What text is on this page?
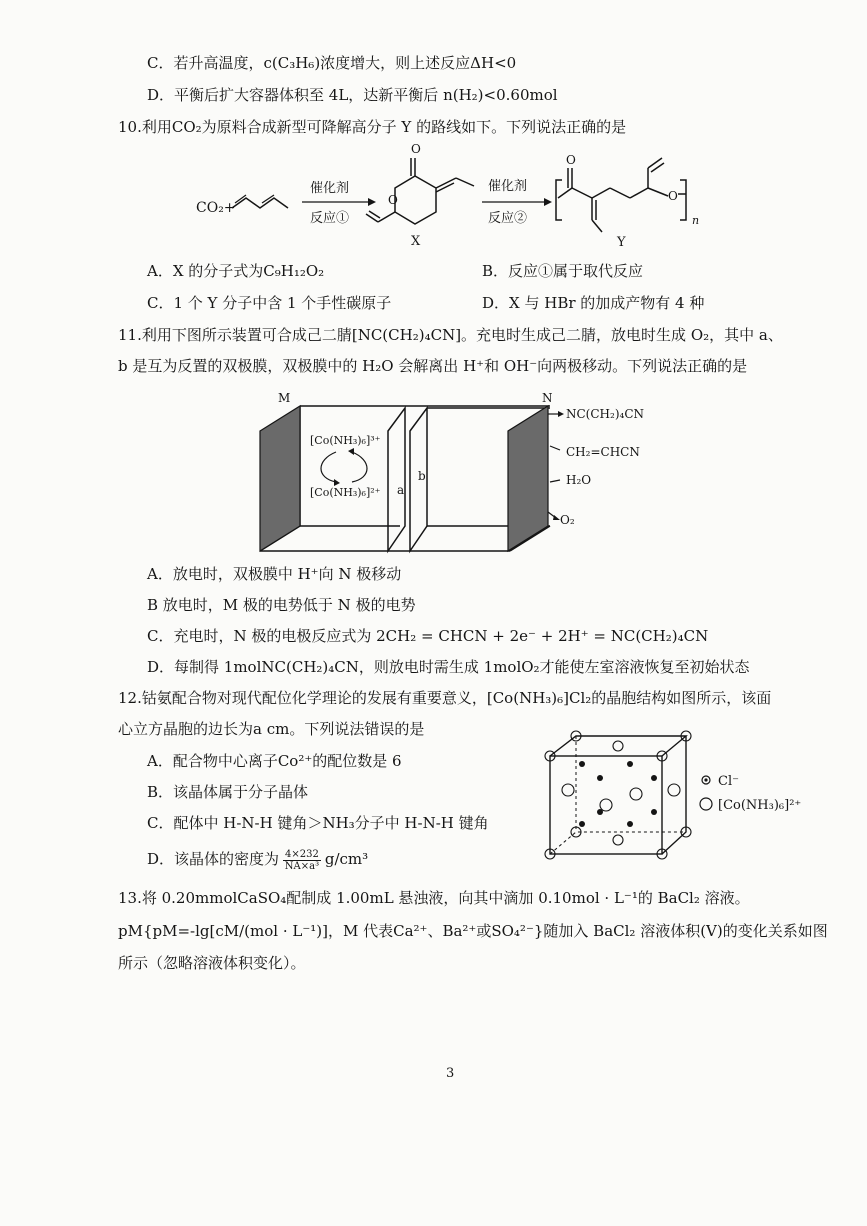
C．若升高温度，c(C₃H₆)浓度增大，则上述反应ΔH<0
D．平衡后扩大容器体积至 4L，达新平衡后 n(H₂)<0.60mol
10.利用CO₂为原料合成新型可降解高分子 Y 的路线如下。下列说法正确的是
CO₂+
催化剂
反应①
O
O
X
催化剂
反应②
O
O
n
Y
A．X 的分子式为C₉H₁₂O₂	B．反应①属于取代反应
C．1 个 Y 分子中含 1 个手性碳原子	D．X 与 HBr 的加成产物有 4 种
11.利用下图所示装置可合成己二腈[NC(CH₂)₄CN]。充电时生成己二腈，放电时生成 O₂，其中 a、
b 是互为反置的双极膜，双极膜中的 H₂O 会解离出 H⁺和 OH⁻向两极移动。下列说法正确的是
M	N
[Co(NH₃)₆]³⁺
[Co(NH₃)₆]²⁺ a
b
NC(CH₂)₄CN
CH₂=CHCN
H₂O
O₂
A．放电时，双极膜中 H⁺向 N 极移动
B 放电时，M 极的电势低于 N 极的电势
C．充电时，N 极的电极反应式为 2CH₂ = CHCN + 2e⁻ + 2H⁺ = NC(CH₂)₄CN
D．每制得 1molNC(CH₂)₄CN，则放电时需生成 1molO₂才能使左室溶液恢复至初始状态
12.钴氨配合物对现代配位化学理论的发展有重要意义，[Co(NH₃)₆]Cl₂的晶胞结构如图所示，该面
心立方晶胞的边长为a cm。下列说法错误的是
A．配合物中心离子Co²⁺的配位数是 6
B．该晶体属于分子晶体
C．配体中 H-N-H 键角＞NH₃分子中 H-N-H 键角
D．该晶体的密度为 $\frac{4\times 232}{\text{NA×a³}} g/cm^3$
Cl⁻
[Co(NH₃)₆]²⁺
13.将 0.20mmolCaSO₄配制成 1.00mL 悬浊液，向其中滴加 0.10mol · L⁻¹的 BaCl₂ 溶液。
pM{pM=-lg[cM/(mol · L⁻¹)]，M 代表Ca²⁺、Ba²⁺或SO₄²⁻}随加入 BaCl₂ 溶液体积(V)的变化关系如图
所示（忽略溶液体积变化）。
3
